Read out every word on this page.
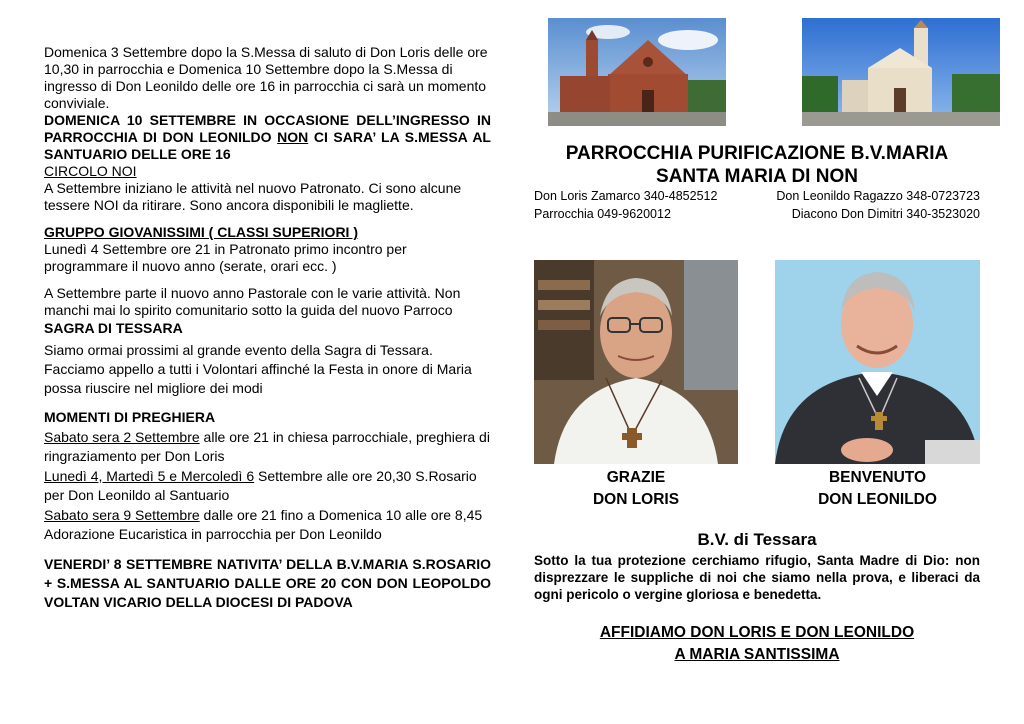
Domenica 3 Settembre dopo la S.Messa di saluto di Don Loris delle ore 10,30 in parrocchia e Domenica 10 Settembre dopo la S.Messa di ingresso di Don Leonildo delle ore 16 in parrocchia ci sarà un momento conviviale.

DOMENICA 10 SETTEMBRE IN OCCASIONE DELL’INGRESSO IN PARROCCHIA DI DON LEONILDO NON CI SARA’ LA S.MESSA AL SANTUARIO DELLE ORE 16

CIRCOLO NOI

A Settembre iniziano le attività nel nuovo Patronato. Ci sono alcune tessere NOI da ritirare. Sono ancora disponibili le magliette.

GRUPPO GIOVANISSIMI ( CLASSI SUPERIORI )

Lunedì 4 Settembre ore 21 in Patronato primo incontro per programmare il nuovo anno (serate, orari ecc. )

A Settembre parte il nuovo anno Pastorale con le varie attività. Non manchi mai lo spirito comunitario sotto la guida del nuovo Parroco

SAGRA DI TESSARA

Siamo ormai prossimi al grande evento della Sagra di Tessara. Facciamo appello a tutti i Volontari affinché la Festa in onore di Maria possa riuscire nel migliore dei modi

MOMENTI DI PREGHIERA

Sabato sera 2 Settembre alle ore 21 in chiesa parrocchiale, preghiera di ringraziamento per Don Loris

Lunedì 4, Martedì 5 e Mercoledì 6 Settembre alle ore 20,30 S.Rosario per Don Leonildo al Santuario

Sabato sera 9 Settembre dalle ore 21 fino a Domenica 10 alle ore 8,45 Adorazione Eucaristica in parrocchia per Don Leonildo

VENERDI’ 8 SETTEMBRE NATIVITA’ DELLA B.V.MARIA S.ROSARIO + S.MESSA AL SANTUARIO DALLE ORE 20 CON DON LEOPOLDO VOLTAN VICARIO DELLA DIOCESI DI PADOVA

PARROCCHIA PURIFICAZIONE B.V.MARIA
SANTA MARIA DI NON
Don Loris Zamarco 340-4852512	Don Leonildo Ragazzo 348-0723723
Parrocchia 049-9620012	Diacono Don Dimitri 340-3523020
GRAZIE
DON LORIS
BENVENUTO
DON LEONILDO
B.V. di Tessara
Sotto la tua protezione cerchiamo rifugio, Santa Madre di Dio: non disprezzare le suppliche di noi che siamo nella prova, e liberaci da ogni pericolo o vergine gloriosa e benedetta.
AFFIDIAMO DON LORIS E DON LEONILDO
A MARIA SANTISSIMA
